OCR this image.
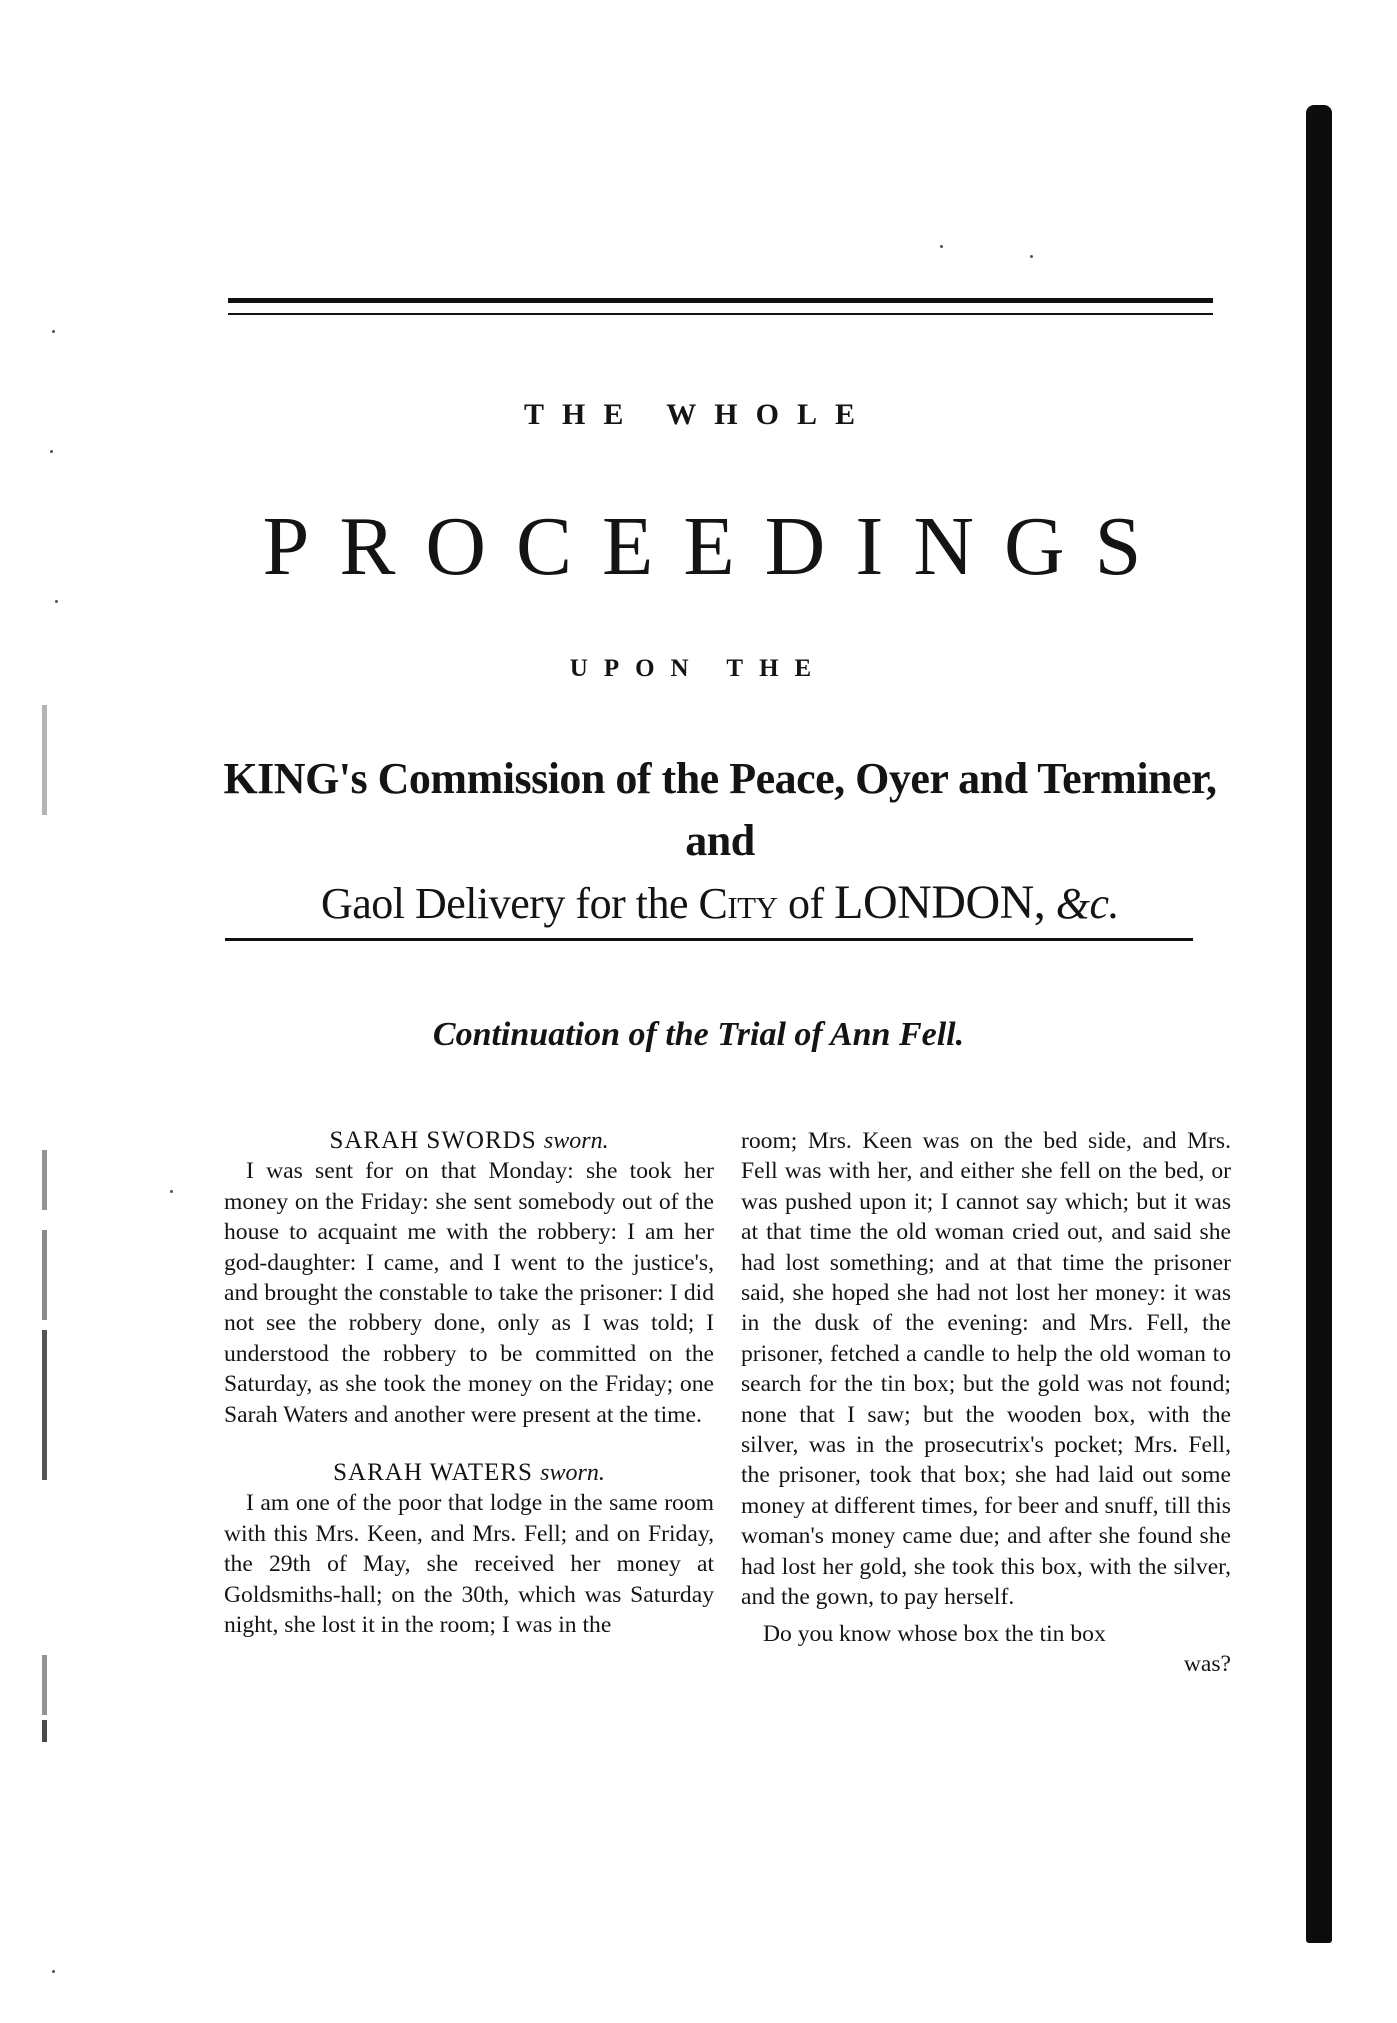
THE WHOLE
PROCEEDINGS
UPON THE
KING's Commission of the Peace, Oyer and Terminer, and
Gaol Delivery for the City of LONDON, &c.
Continuation of the Trial of Ann Fell.

SARAH SWORDS sworn.

I was sent for on that Monday: she took her money on the Friday: she sent somebody out of the house to acquaint me with the robbery: I am her god-daughter: I came, and I went to the justice's, and brought the constable to take the prisoner: I did not see the robbery done, only as I was told; I understood the robbery to be committed on the Saturday, as she took the money on the Friday; one Sarah Waters and another were present at the time.

SARAH WATERS sworn.

I am one of the poor that lodge in the same room with this Mrs. Keen, and Mrs. Fell; and on Friday, the 29th of May, she received her money at Goldsmiths-hall; on the 30th, which was Saturday night, she lost it in the room; I was in the

room; Mrs. Keen was on the bed side, and Mrs. Fell was with her, and either she fell on the bed, or was pushed upon it; I cannot say which; but it was at that time the old woman cried out, and said she had lost something; and at that time the prisoner said, she hoped she had not lost her money: it was in the dusk of the evening: and Mrs. Fell, the prisoner, fetched a candle to help the old woman to search for the tin box; but the gold was not found; none that I saw; but the wooden box, with the silver, was in the prosecutrix's pocket; Mrs. Fell, the prisoner, took that box; she had laid out some money at different times, for beer and snuff, till this woman's money came due; and after she found she had lost her gold, she took this box, with the silver, and the gown, to pay herself.

Do you know whose box the tin box

was?
